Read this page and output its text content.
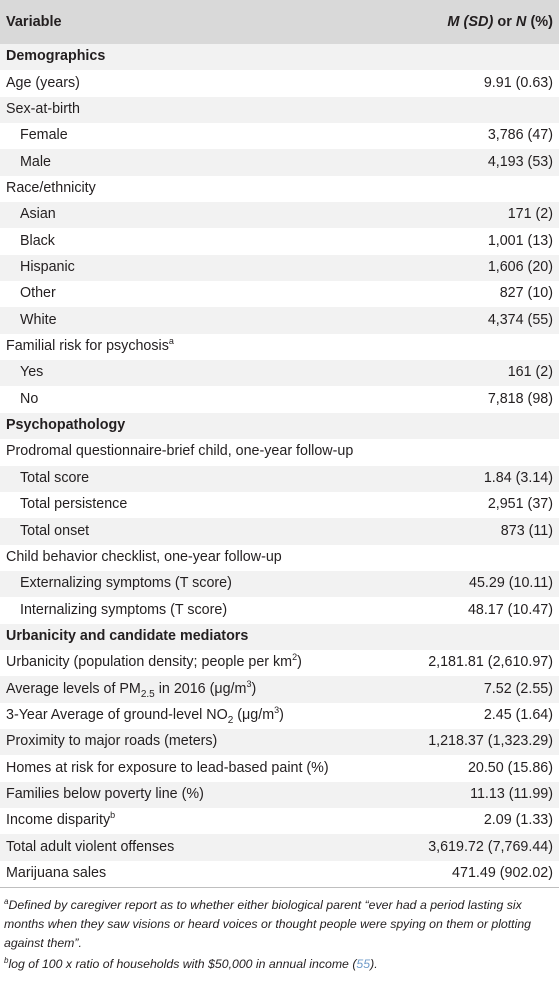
Variable	M (SD) or N (%)
Demographics	
Age (years)	9.91 (0.63)
Sex-at-birth	
Female	3,786 (47)
Male	4,193 (53)
Race/ethnicity	
Asian	171 (2)
Black	1,001 (13)
Hispanic	1,606 (20)
Other	827 (10)
White	4,374 (55)
Familial risk for psychosis$^a$	
Yes	161 (2)
No	7,818 (98)
Psychopathology	
Prodromal questionnaire-brief child, one-year follow-up	
Total score	1.84 (3.14)
Total persistence	2,951 (37)
Total onset	873 (11)
Child behavior checklist, one-year follow-up	
Externalizing symptoms (T score)	45.29 (10.11)
Internalizing symptoms (T score)	48.17 (10.47)
Urbanicity and candidate mediators	
Urbanicity (population density; people per $km^2$)	2,181.81 (2,610.97)
Average levels of $PM_{2.5}$ in 2016 $(\mu g/m^3)$	7.52 (2.55)
3-Year Average of ground-level $NO_2$ $(\mu g/m^3)$	2.45 (1.64)
Proximity to major roads (meters)	1,218.37 (1,323.29)
Homes at risk for exposure to lead-based paint (%)	20.50 (15.86)
Families below poverty line (%)	11.13 (11.99)
Income disparity$^b$	2.09 (1.33)
Total adult violent offenses	3,619.72 (7,769.44)
Marijuana sales	471.49 (902.02)

$^a$Defined by caregiver report as to whether either biological parent “ever had a period lasting six months when they saw visions or heard voices or thought people were spying on them or plotting against them”.

$^b$log of 100 x ratio of households with $50,000 in annual income (55).
